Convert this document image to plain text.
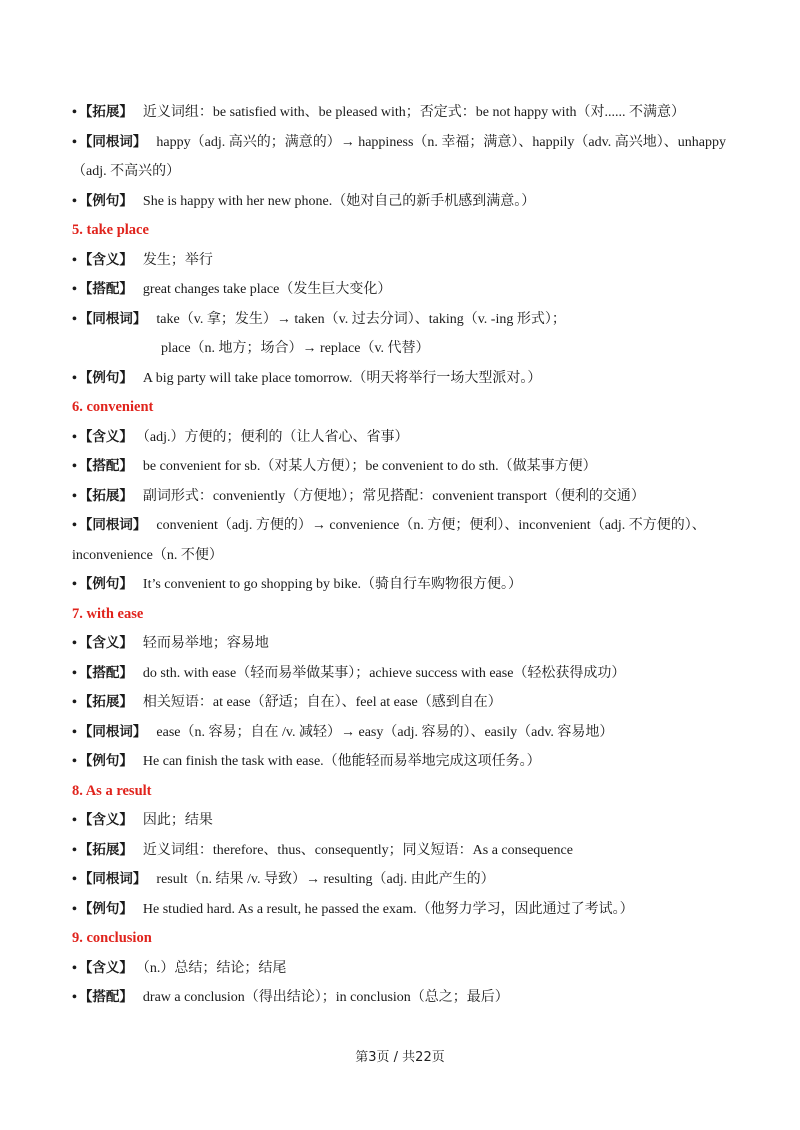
• 【拓展】 近义词组：be satisfied with、be pleased with；否定式：be not happy with（对...... 不满意）
• 【同根词】 happy（adj. 高兴的；满意的）→ happiness（n. 幸福；满意）、happily（adv. 高兴地）、unhappy（adj. 不高兴的）
• 【例句】 She is happy with her new phone.（她对自己的新手机感到满意。）
5. take place
• 【含义】 发生；举行
• 【搭配】 great changes take place（发生巨大变化）
• 【同根词】 take（v. 拿；发生）→ taken（v. 过去分词）、taking（v. -ing 形式）；
place（n. 地方；场合）→ replace（v. 代替）
• 【例句】 A big party will take place tomorrow.（明天将举行一场大型派对。）
6. convenient
• 【含义】 （adj.）方便的；便利的（让人省心、省事）
• 【搭配】 be convenient for sb.（对某人方便）；be convenient to do sth.（做某事方便）
• 【拓展】 副词形式：conveniently（方便地）；常见搭配：convenient transport（便利的交通）
• 【同根词】 convenient（adj. 方便的）→ convenience（n. 方便；便利）、inconvenient（adj. 不方便的）、inconvenience（n. 不便）
• 【例句】 It’s convenient to go shopping by bike.（骑自行车购物很方便。）
7. with ease
• 【含义】 轻而易举地；容易地
• 【搭配】 do sth. with ease（轻而易举做某事）；achieve success with ease（轻松获得成功）
• 【拓展】 相关短语：at ease（舒适；自在）、feel at ease（感到自在）
• 【同根词】 ease（n. 容易；自在 /v. 减轻）→ easy（adj. 容易的）、easily（adv. 容易地）
• 【例句】 He can finish the task with ease.（他能轻而易举地完成这项任务。）
8. As a result
• 【含义】 因此；结果
• 【拓展】 近义词组：therefore、thus、consequently；同义短语：As a consequence
• 【同根词】 result（n. 结果 /v. 导致）→ resulting（adj. 由此产生的）
• 【例句】 He studied hard. As a result, he passed the exam.（他努力学习，因此通过了考试。）
9. conclusion
• 【含义】 （n.）总结；结论；结尾
• 【搭配】 draw a conclusion（得出结论）；in conclusion（总之；最后）
第3页 / 共22页
